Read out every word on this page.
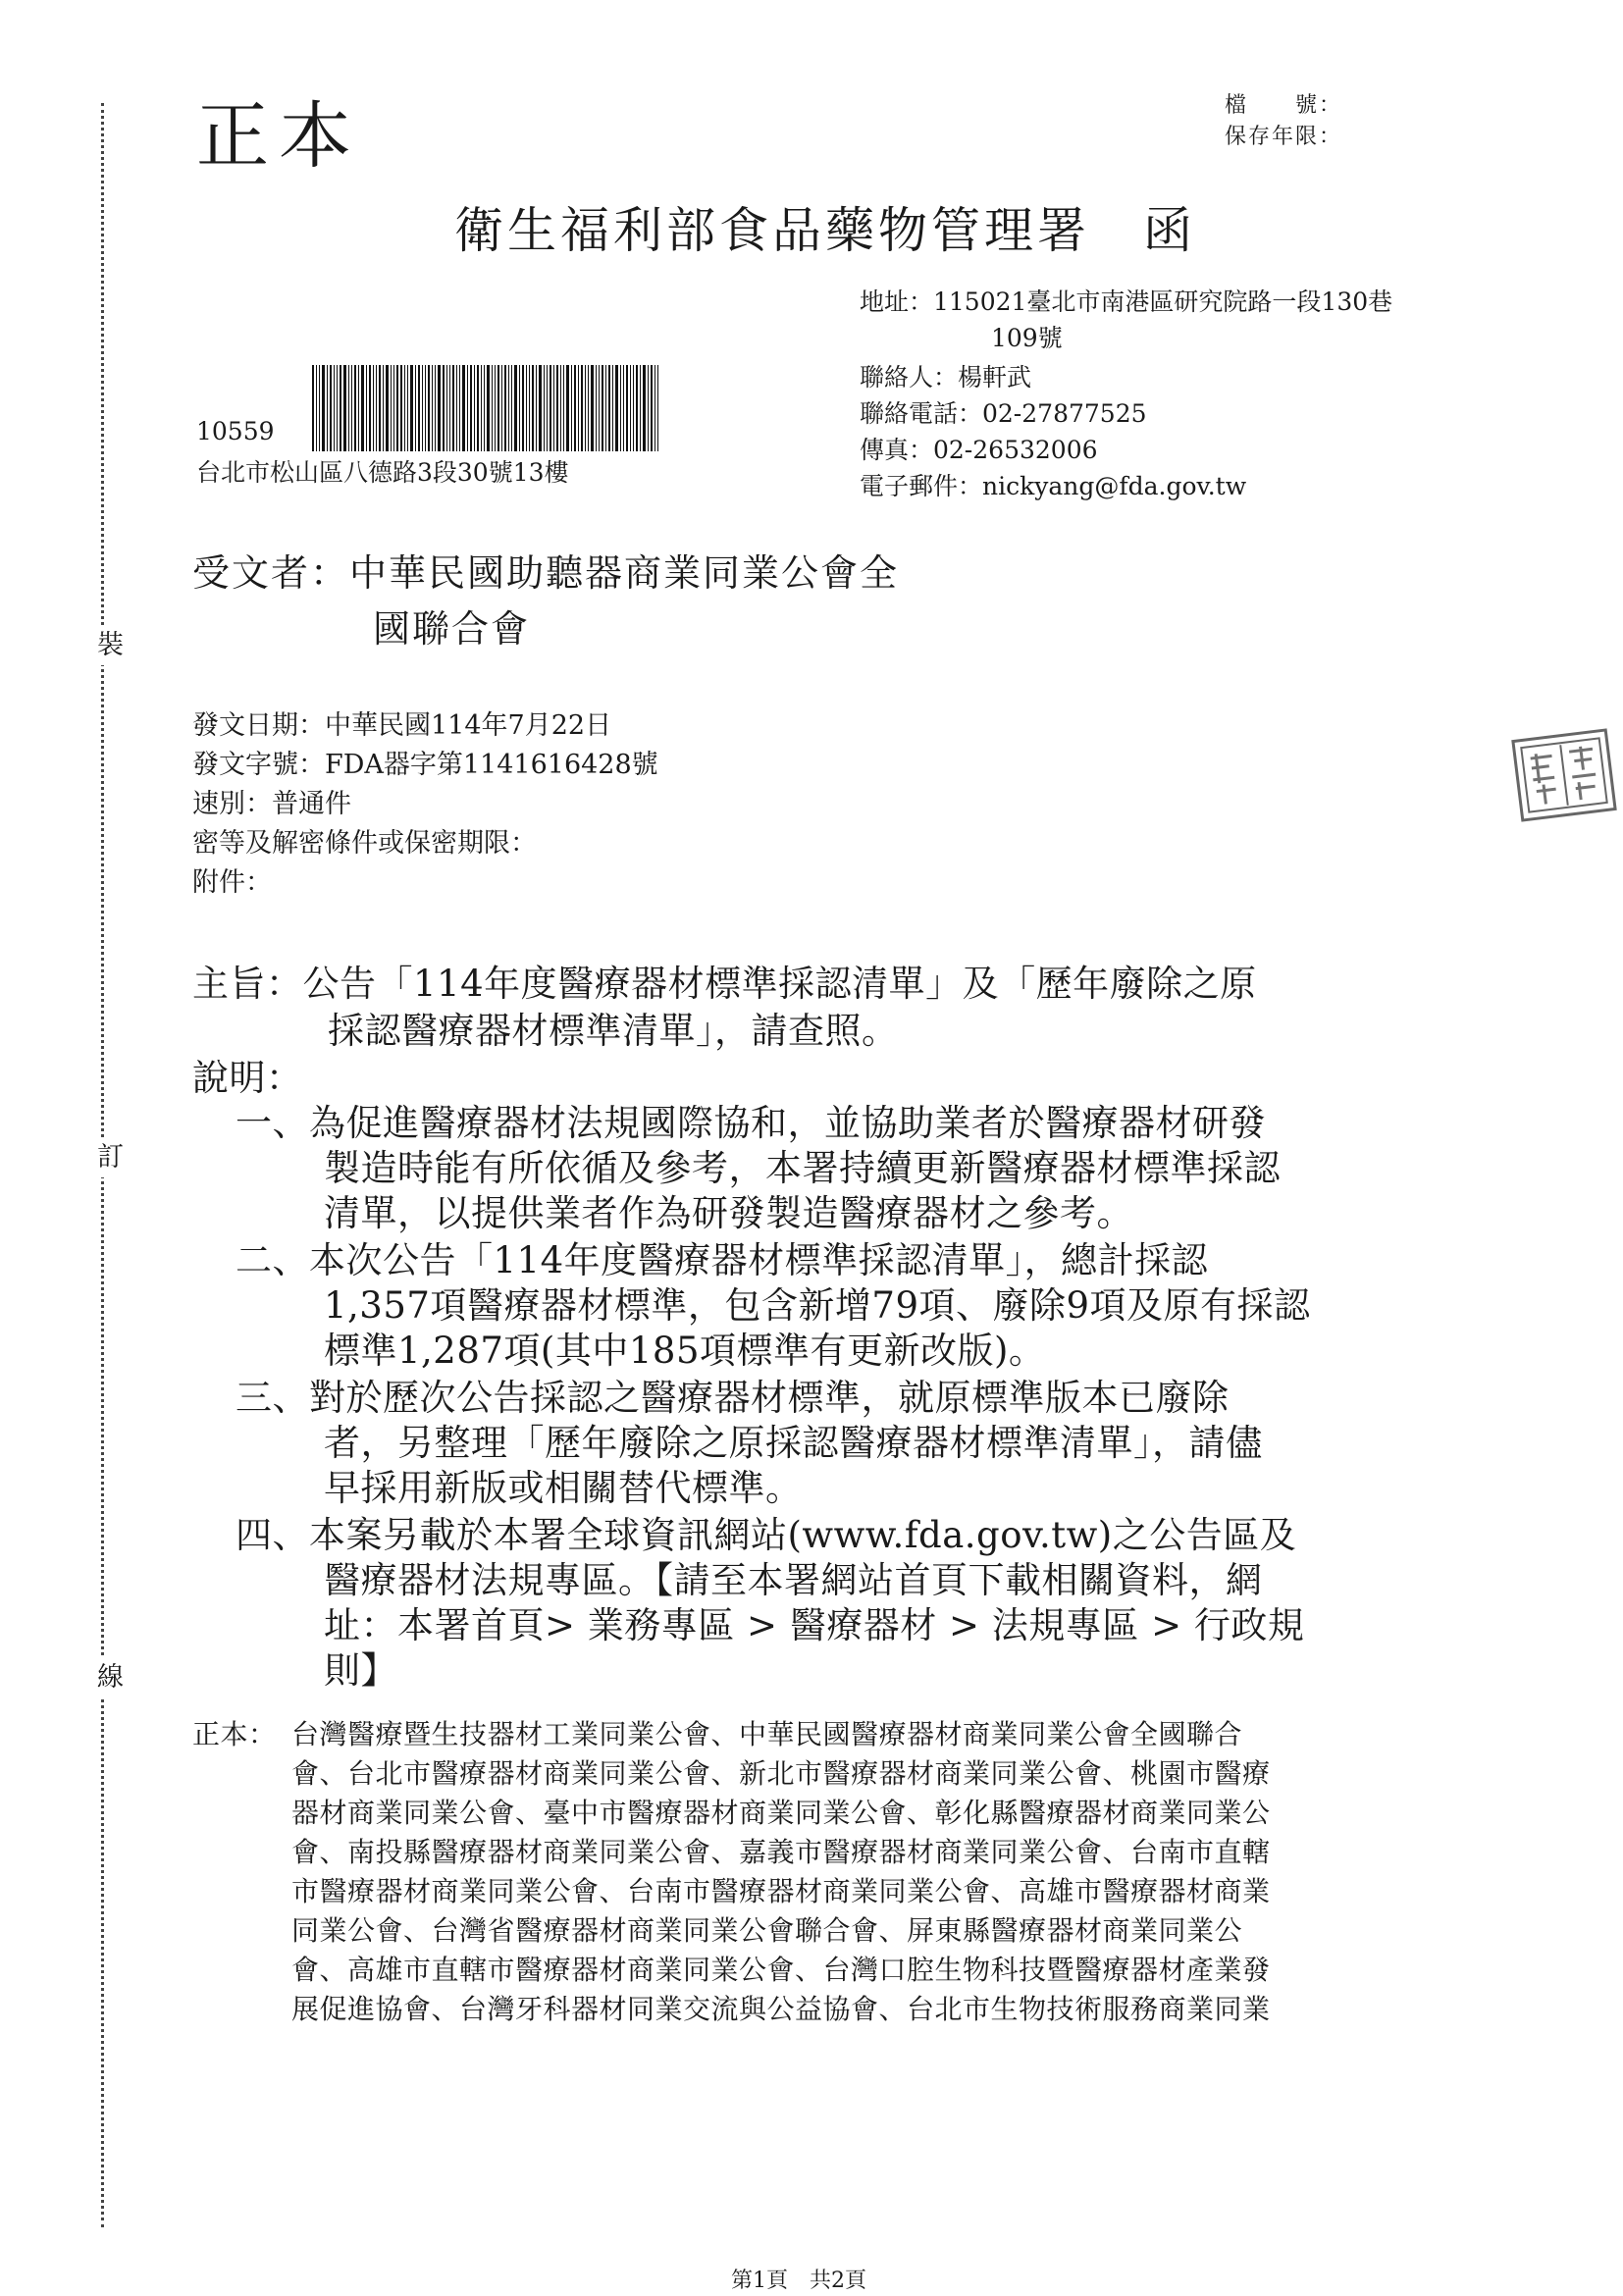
裝
訂
線
正本	檔　　號：
保存年限：
衛生福利部食品藥物管理署　函
地址：115021臺北市南港區研究院路一段130巷
109號
聯絡人：楊軒武
聯絡電話：02-27877525
傳真：02-26532006
電子郵件：nickyang@fda.gov.tw
10559
台北市松山區八德路3段30號13樓
受文者：中華民國助聽器商業同業公會全
國聯合會
發文日期：中華民國114年7月22日
發文字號：FDA器字第1141616428號
速別：普通件
密等及解密條件或保密期限：
附件：
主旨：公告「114年度醫療器材標準採認清單」及「歷年廢除之原
採認醫療器材標準清單」，請查照。
說明：
一、為促進醫療器材法規國際協和，並協助業者於醫療器材研發
製造時能有所依循及參考，本署持續更新醫療器材標準採認
清單，以提供業者作為研發製造醫療器材之參考。
二、本次公告「114年度醫療器材標準採認清單」，總計採認
1,357項醫療器材標準，包含新增79項、廢除9項及原有採認
標準1,287項(其中185項標準有更新改版)。
三、對於歷次公告採認之醫療器材標準，就原標準版本已廢除
者，另整理「歷年廢除之原採認醫療器材標準清單」，請儘
早採用新版或相關替代標準。
四、本案另載於本署全球資訊網站(www.fda.gov.tw)之公告區及
醫療器材法規專區。【請至本署網站首頁下載相關資料，網
址：本署首頁> 業務專區 > 醫療器材 > 法規專區 > 行政規
則】
正本： 台灣醫療暨生技器材工業同業公會、中華民國醫療器材商業同業公會全國聯合
會、台北市醫療器材商業同業公會、新北市醫療器材商業同業公會、桃園市醫療
器材商業同業公會、臺中市醫療器材商業同業公會、彰化縣醫療器材商業同業公
會、南投縣醫療器材商業同業公會、嘉義市醫療器材商業同業公會、台南市直轄
市醫療器材商業同業公會、台南市醫療器材商業同業公會、高雄市醫療器材商業
同業公會、台灣省醫療器材商業同業公會聯合會、屏東縣醫療器材商業同業公
會、高雄市直轄市醫療器材商業同業公會、台灣口腔生物科技暨醫療器材產業發
展促進協會、台灣牙科器材同業交流與公益協會、台北市生物技術服務商業同業
第1頁　共2頁
